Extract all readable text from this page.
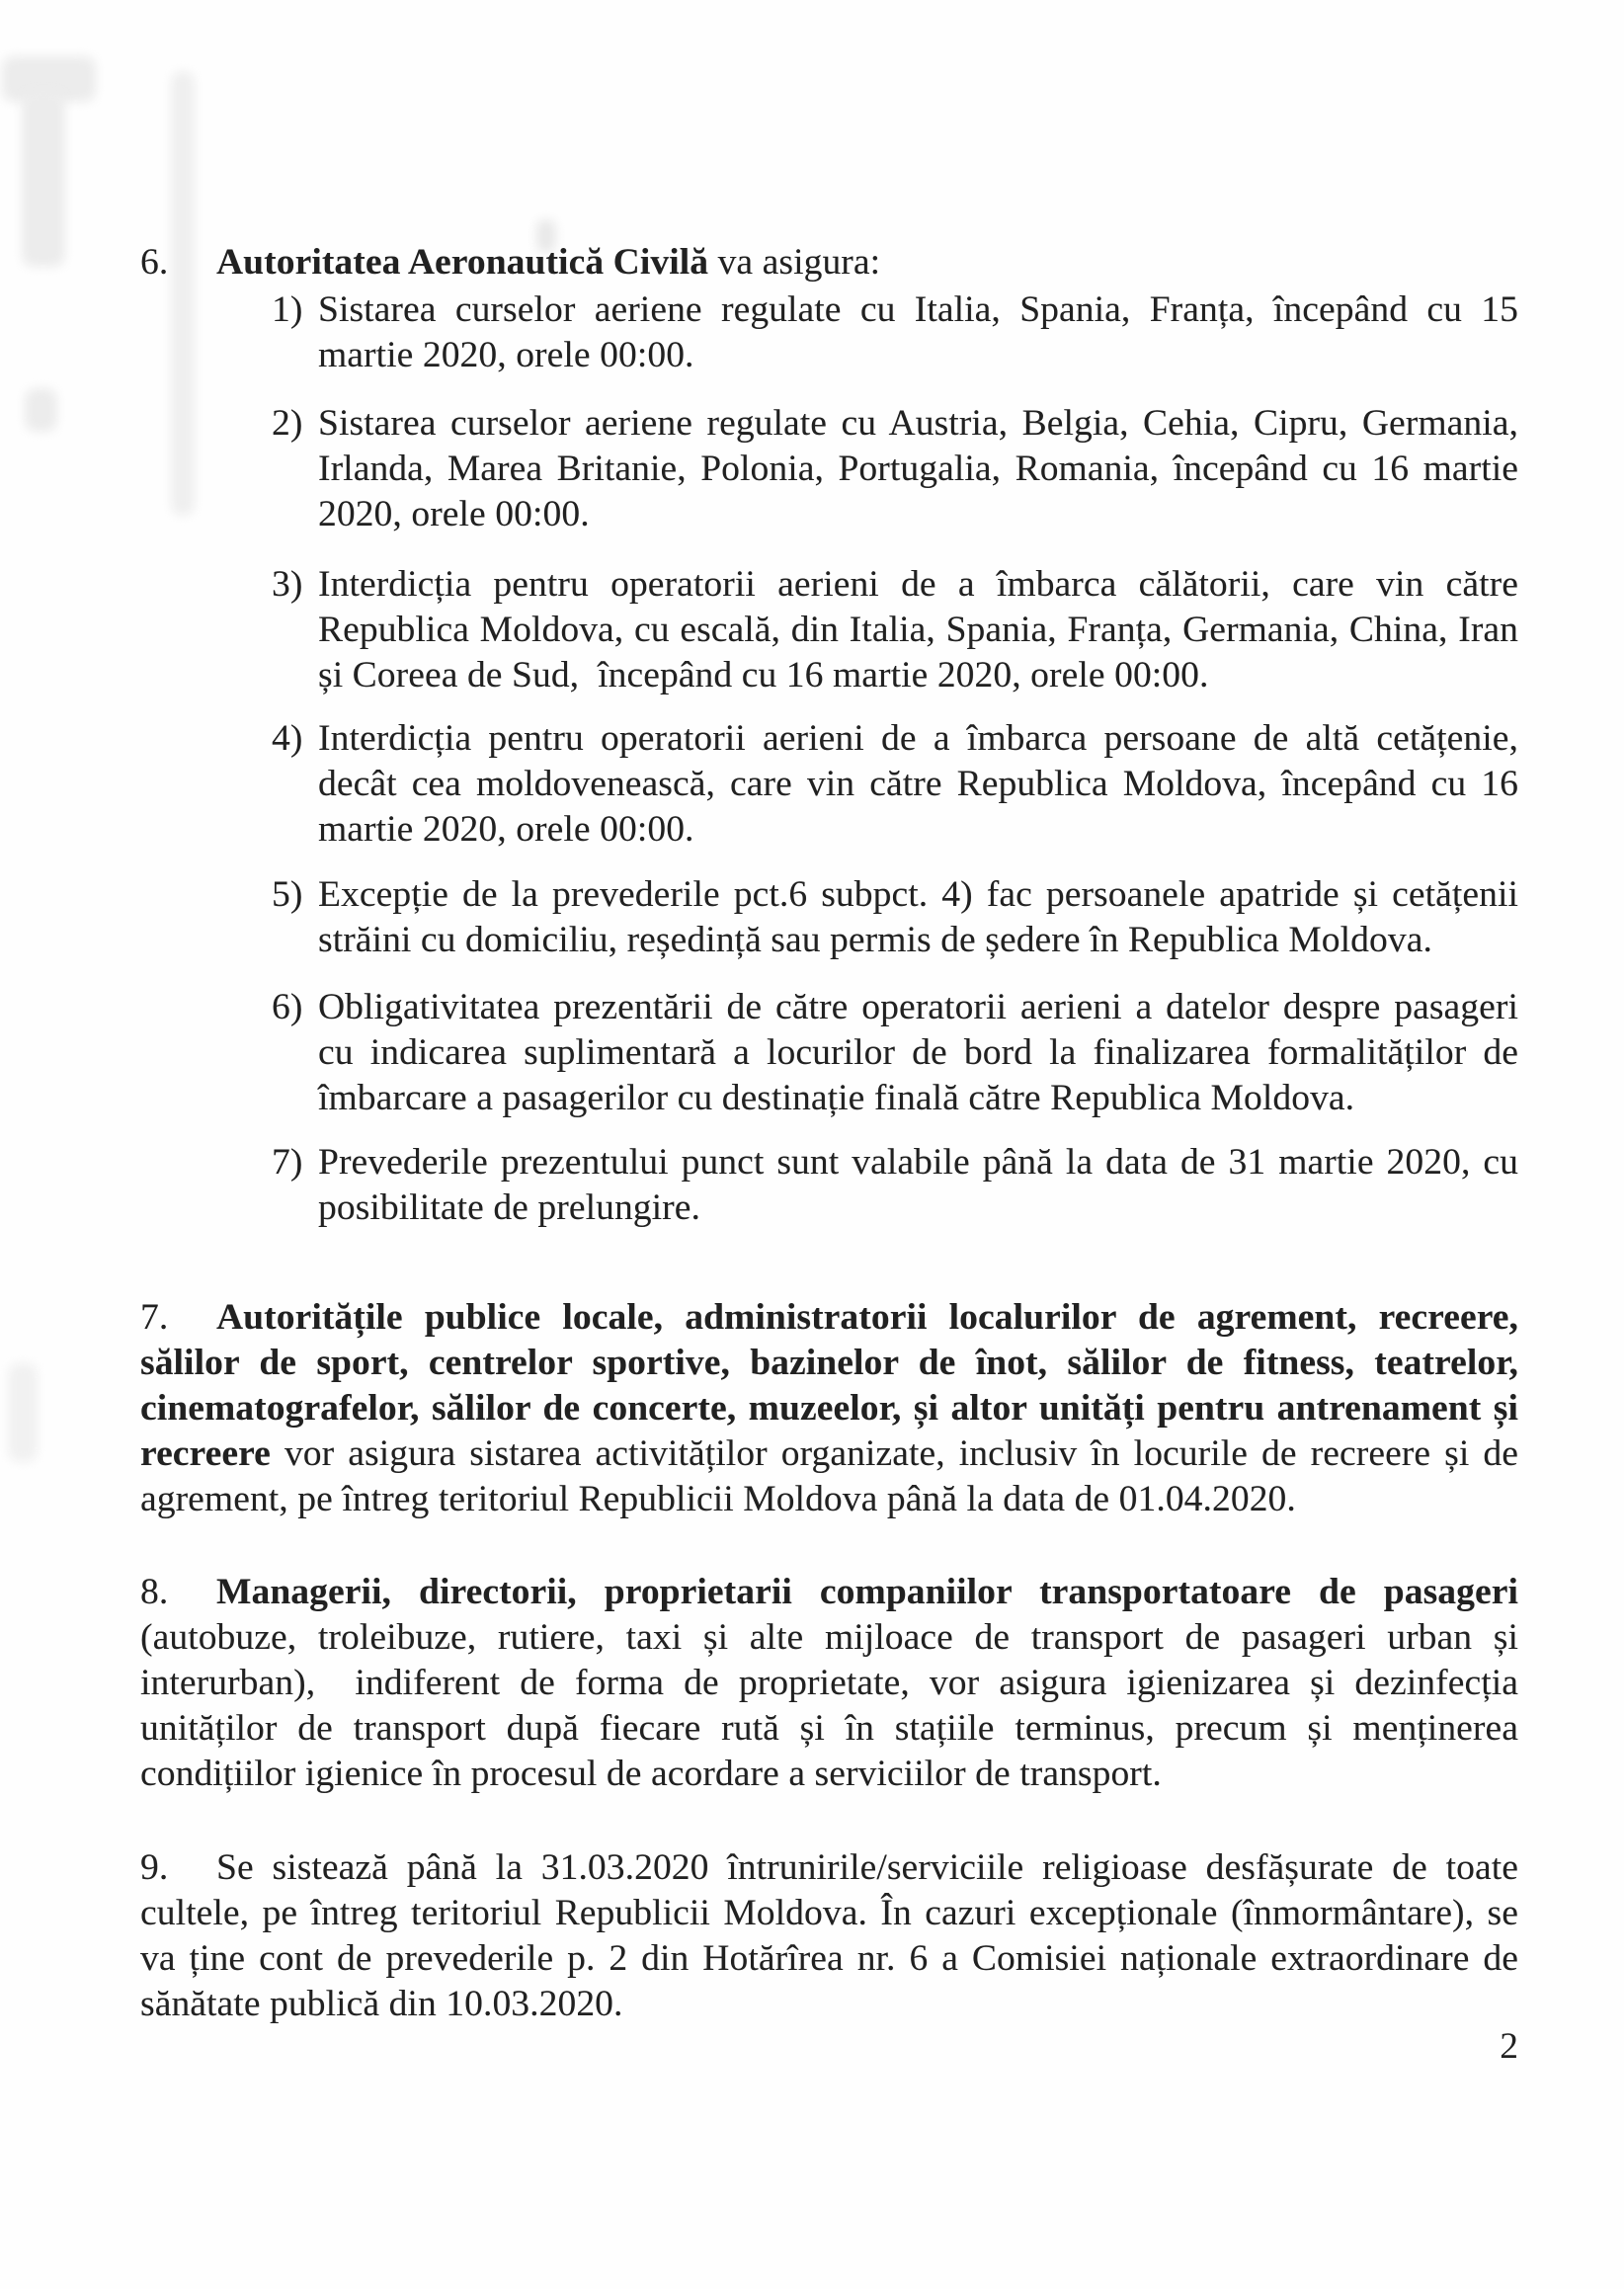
6. Autoritatea Aeronautică Civilă va asigura:
1) Sistarea curselor aeriene regulate cu Italia, Spania, Franța, începând cu 15
martie 2020, orele 00:00.
2) Sistarea curselor aeriene regulate cu Austria, Belgia, Cehia, Cipru, Germania,
Irlanda, Marea Britanie, Polonia, Portugalia, Romania, începând cu 16 martie
2020, orele 00:00.
3) Interdicția pentru operatorii aerieni de a îmbarca călătorii, care vin către
Republica Moldova, cu escală, din Italia, Spania, Franța, Germania, China, Iran
și Coreea de Sud,  începând cu 16 martie 2020, orele 00:00.
4) Interdicția pentru operatorii aerieni de a îmbarca persoane de altă cetățenie,
decât cea moldovenească, care vin către Republica Moldova, începând cu 16
martie 2020, orele 00:00.
5) Excepție de la prevederile pct.6 subpct. 4) fac persoanele apatride și cetățenii
străini cu domiciliu, reședință sau permis de ședere în Republica Moldova.
6) Obligativitatea prezentării de către operatorii aerieni a datelor despre pasageri
cu indicarea suplimentară a locurilor de bord la finalizarea formalităților de
îmbarcare a pasagerilor cu destinație finală către Republica Moldova.
7) Prevederile prezentului punct sunt valabile până la data de 31 martie 2020, cu
posibilitate de prelungire.
7. Autoritățile publice locale, administratorii localurilor de agrement, recreere,
sălilor de sport, centrelor sportive, bazinelor de înot, sălilor de fitness, teatrelor,
cinematografelor, sălilor de concerte, muzeelor, și altor unități pentru antrenament și
recreere vor asigura sistarea activităților organizate, inclusiv în locurile de recreere și de
agrement, pe întreg teritoriul Republicii Moldova până la data de 01.04.2020.
8. Managerii, directorii, proprietarii companiilor transportatoare de pasageri
(autobuze, troleibuze, rutiere, taxi și alte mijloace de transport de pasageri urban și
interurban),  indiferent de forma de proprietate, vor asigura igienizarea și dezinfecția
unităților de transport după fiecare rută și în stațiile terminus, precum și menținerea
condițiilor igienice în procesul de acordare a serviciilor de transport.
9. Se sistează până la 31.03.2020 întrunirile/serviciile religioase desfășurate de toate
cultele, pe întreg teritoriul Republicii Moldova. În cazuri excepționale (înmormântare), se
va ține cont de prevederile p. 2 din Hotărîrea nr. 6 a Comisiei naționale extraordinare de
sănătate publică din 10.03.2020.
2
